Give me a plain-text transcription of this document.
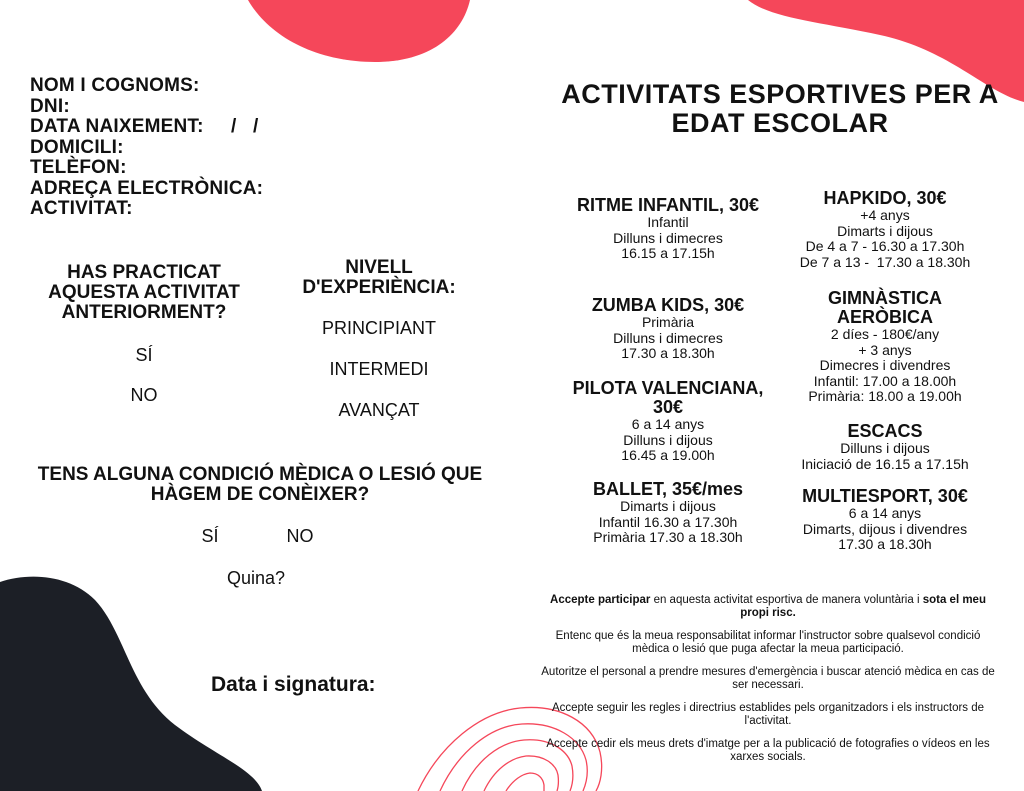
NOM I COGNOMS:
DNI:
DATA NAIXEMENT:     /   /
DOMICILI:
TELÈFON:
ADREÇA ELECTRÒNICA:
ACTIVITAT:
HAS PRACTICAT AQUESTA ACTIVITAT ANTERIORMENT?
SÍ
NO
NIVELL D'EXPERIÈNCIA:
PRINCIPIANT
INTERMEDI
AVANÇAT
TENS ALGUNA CONDICIÓ MÈDICA O LESIÓ QUE HÀGEM DE CONÈIXER?
SÍ	NO
Quina?
Data i signatura:
ACTIVITATS ESPORTIVES PER A EDAT ESCOLAR
RITME INFANTIL, 30€
Infantil
Dilluns i dimecres
16.15 a 17.15h
ZUMBA KIDS, 30€
Primària
Dilluns i dimecres
17.30 a 18.30h
PILOTA VALENCIANA, 30€
6 a 14 anys
Dilluns i dijous
16.45 a 19.00h
BALLET, 35€/mes
Dimarts i dijous
Infantil 16.30 a 17.30h
Primària 17.30 a 18.30h
HAPKIDO, 30€
+4 anys
Dimarts i dijous
De 4 a 7 - 16.30 a 17.30h
De 7 a 13 -  17.30 a 18.30h
GIMNÀSTICA AERÒBICA
2 díes - 180€/any
+ 3 anys
Dimecres i divendres
Infantil: 17.00 a 18.00h
Primària: 18.00 a 19.00h
ESCACS
Dilluns i dijous
Iniciació de 16.15 a 17.15h
MULTIESPORT, 30€
6 a 14 anys
Dimarts, dijous i divendres
17.30 a 18.30h

Accepte participar en aquesta activitat esportiva de manera voluntària i sota el meu propi risc.

Entenc que és la meua responsabilitat informar l'instructor sobre qualsevol condició mèdica o lesió que puga afectar la meua participació.

Autoritze el personal a prendre mesures d'emergència i buscar atenció mèdica en cas de ser necessari.

Accepte seguir les regles i directrius establides pels organitzadors i els instructors de l'activitat.

Accepte cedir els meus drets d'imatge per a la publicació de fotografies o vídeos en les xarxes socials.
